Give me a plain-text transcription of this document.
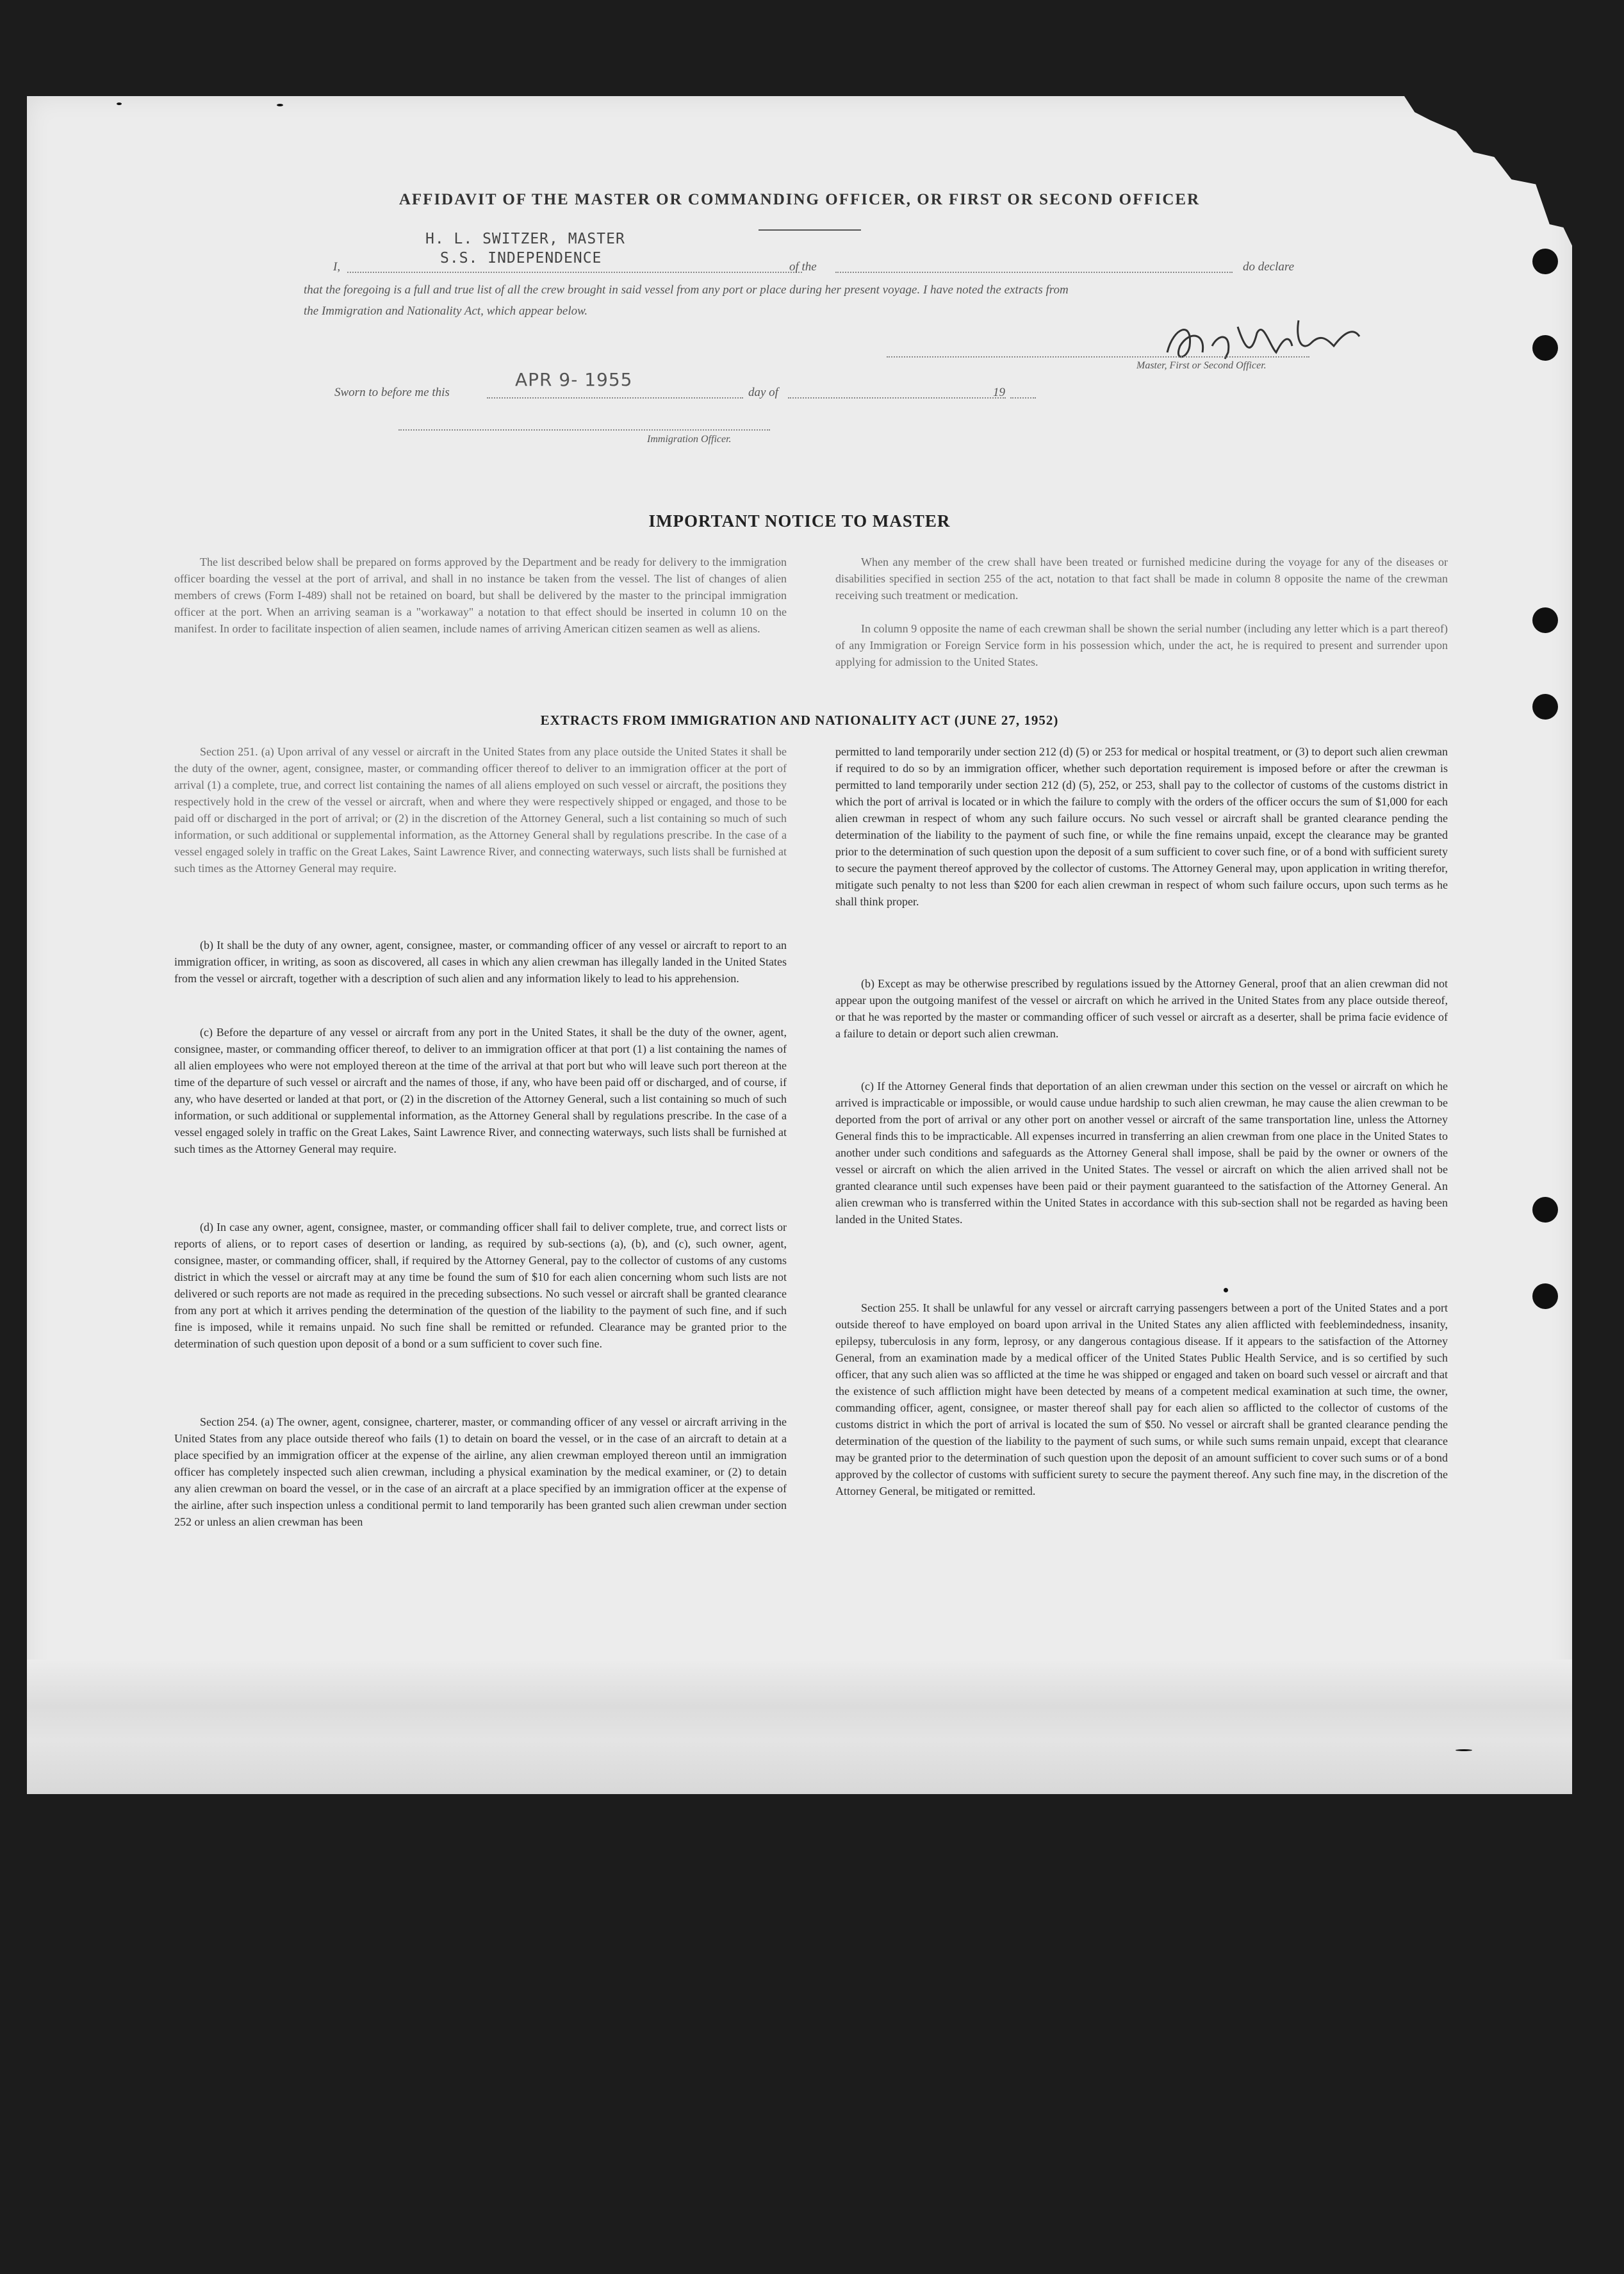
AFFIDAVIT OF THE MASTER OR COMMANDING OFFICER, OR FIRST OR SECOND OFFICER
H. L. SWITZER, MASTER
S.S. INDEPENDENCE
I,	of the	do declare
that the foregoing is a full and true list of all the crew brought in said vessel from any port or place during her present voyage. I have noted the extracts from
the Immigration and Nationality Act, which appear below.
Master, First or Second Officer.
Sworn to before me this
APR 9- 1955
day of	19
Immigration Officer.
IMPORTANT NOTICE TO MASTER

The list described below shall be prepared on forms approved by the Department and be ready for delivery to the immigration officer boarding the vessel at the port of arrival, and shall in no instance be taken from the vessel. The list of changes of alien members of crews (Form I-489) shall not be retained on board, but shall be delivered by the master to the principal immigration officer at the port. When an arriving seaman is a "workaway" a notation to that effect should be inserted in column 10 on the manifest. In order to facilitate inspection of alien seamen, include names of arriving American citizen seamen as well as aliens.

When any member of the crew shall have been treated or furnished medicine during the voyage for any of the diseases or disabilities specified in section 255 of the act, notation to that fact shall be made in column 8 opposite the name of the crewman receiving such treatment or medication.

In column 9 opposite the name of each crewman shall be shown the serial number (including any letter which is a part thereof) of any Immigration or Foreign Service form in his possession which, under the act, he is required to present and surrender upon applying for admission to the United States.

EXTRACTS FROM IMMIGRATION AND NATIONALITY ACT (JUNE 27, 1952)

Section 251. (a) Upon arrival of any vessel or aircraft in the United States from any place outside the United States it shall be the duty of the owner, agent, consignee, master, or commanding officer thereof to deliver to an immigration officer at the port of arrival (1) a complete, true, and correct list containing the names of all aliens employed on such vessel or aircraft, the positions they respectively hold in the crew of the vessel or aircraft, when and where they were respectively shipped or engaged, and those to be paid off or discharged in the port of arrival; or (2) in the discretion of the Attorney General, such a list containing so much of such information, or such additional or supplemental information, as the Attorney General shall by regulations prescribe. In the case of a vessel engaged solely in traffic on the Great Lakes, Saint Lawrence River, and connecting waterways, such lists shall be furnished at such times as the Attorney General may require.

(b) It shall be the duty of any owner, agent, consignee, master, or commanding officer of any vessel or aircraft to report to an immigration officer, in writing, as soon as discovered, all cases in which any alien crewman has illegally landed in the United States from the vessel or aircraft, together with a description of such alien and any information likely to lead to his apprehension.

(c) Before the departure of any vessel or aircraft from any port in the United States, it shall be the duty of the owner, agent, consignee, master, or commanding officer thereof, to deliver to an immigration officer at that port (1) a list containing the names of all alien employees who were not employed thereon at the time of the arrival at that port but who will leave such port thereon at the time of the departure of such vessel or aircraft and the names of those, if any, who have been paid off or discharged, and of course, if any, who have deserted or landed at that port, or (2) in the discretion of the Attorney General, such a list containing so much of such information, or such additional or supplemental information, as the Attorney General shall by regulations prescribe. In the case of a vessel engaged solely in traffic on the Great Lakes, Saint Lawrence River, and connecting waterways, such lists shall be furnished at such times as the Attorney General may require.

(d) In case any owner, agent, consignee, master, or commanding officer shall fail to deliver complete, true, and correct lists or reports of aliens, or to report cases of desertion or landing, as required by sub-sections (a), (b), and (c), such owner, agent, consignee, master, or commanding officer, shall, if required by the Attorney General, pay to the collector of customs of any customs district in which the vessel or aircraft may at any time be found the sum of $10 for each alien concerning whom such lists are not delivered or such reports are not made as required in the preceding subsections. No such vessel or aircraft shall be granted clearance from any port at which it arrives pending the determination of the question of the liability to the payment of such fine, and if such fine is imposed, while it remains unpaid. No such fine shall be remitted or refunded. Clearance may be granted prior to the determination of such question upon deposit of a bond or a sum sufficient to cover such fine.

Section 254. (a) The owner, agent, consignee, charterer, master, or commanding officer of any vessel or aircraft arriving in the United States from any place outside thereof who fails (1) to detain on board the vessel, or in the case of an aircraft to detain at a place specified by an immigration officer at the expense of the airline, any alien crewman employed thereon until an immigration officer has completely inspected such alien crewman, including a physical examination by the medical examiner, or (2) to detain any alien crewman on board the vessel, or in the case of an aircraft at a place specified by an immigration officer at the expense of the airline, after such inspection unless a conditional permit to land temporarily has been granted such alien crewman under section 252 or unless an alien crewman has been

permitted to land temporarily under section 212 (d) (5) or 253 for medical or hospital treatment, or (3) to deport such alien crewman if required to do so by an immigration officer, whether such deportation requirement is imposed before or after the crewman is permitted to land temporarily under section 212 (d) (5), 252, or 253, shall pay to the collector of customs of the customs district in which the port of arrival is located or in which the failure to comply with the orders of the officer occurs the sum of $1,000 for each alien crewman in respect of whom any such failure occurs. No such vessel or aircraft shall be granted clearance pending the determination of the liability to the payment of such fine, or while the fine remains unpaid, except the clearance may be granted prior to the determination of such question upon the deposit of a sum sufficient to cover such fine, or of a bond with sufficient surety to secure the payment thereof approved by the collector of customs. The Attorney General may, upon application in writing therefor, mitigate such penalty to not less than $200 for each alien crewman in respect of whom such failure occurs, upon such terms as he shall think proper.

(b) Except as may be otherwise prescribed by regulations issued by the Attorney General, proof that an alien crewman did not appear upon the outgoing manifest of the vessel or aircraft on which he arrived in the United States from any place outside thereof, or that he was reported by the master or commanding officer of such vessel or aircraft as a deserter, shall be prima facie evidence of a failure to detain or deport such alien crewman.

(c) If the Attorney General finds that deportation of an alien crewman under this section on the vessel or aircraft on which he arrived is impracticable or impossible, or would cause undue hardship to such alien crewman, he may cause the alien crewman to be deported from the port of arrival or any other port on another vessel or aircraft of the same transportation line, unless the Attorney General finds this to be impracticable. All expenses incurred in transferring an alien crewman from one place in the United States to another under such conditions and safeguards as the Attorney General shall impose, shall be paid by the owner or owners of the vessel or aircraft on which the alien arrived in the United States. The vessel or aircraft on which the alien arrived shall not be granted clearance until such expenses have been paid or their payment guaranteed to the satisfaction of the Attorney General. An alien crewman who is transferred within the United States in accordance with this sub-section shall not be regarded as having been landed in the United States.

Section 255. It shall be unlawful for any vessel or aircraft carrying passengers between a port of the United States and a port outside thereof to have employed on board upon arrival in the United States any alien afflicted with feeblemindedness, insanity, epilepsy, tuberculosis in any form, leprosy, or any dangerous contagious disease. If it appears to the satisfaction of the Attorney General, from an examination made by a medical officer of the United States Public Health Service, and is so certified by such officer, that any such alien was so afflicted at the time he was shipped or engaged and taken on board such vessel or aircraft and that the existence of such affliction might have been detected by means of a competent medical examination at such time, the owner, commanding officer, agent, consignee, or master thereof shall pay for each alien so afflicted to the collector of customs of the customs district in which the port of arrival is located the sum of $50. No vessel or aircraft shall be granted clearance pending the determination of the question of the liability to the payment of such sums, or while such sums remain unpaid, except that clearance may be granted prior to the determination of such question upon the deposit of an amount sufficient to cover such sums or of a bond approved by the collector of customs with sufficient surety to secure the payment thereof. Any such fine may, in the discretion of the Attorney General, be mitigated or remitted.
